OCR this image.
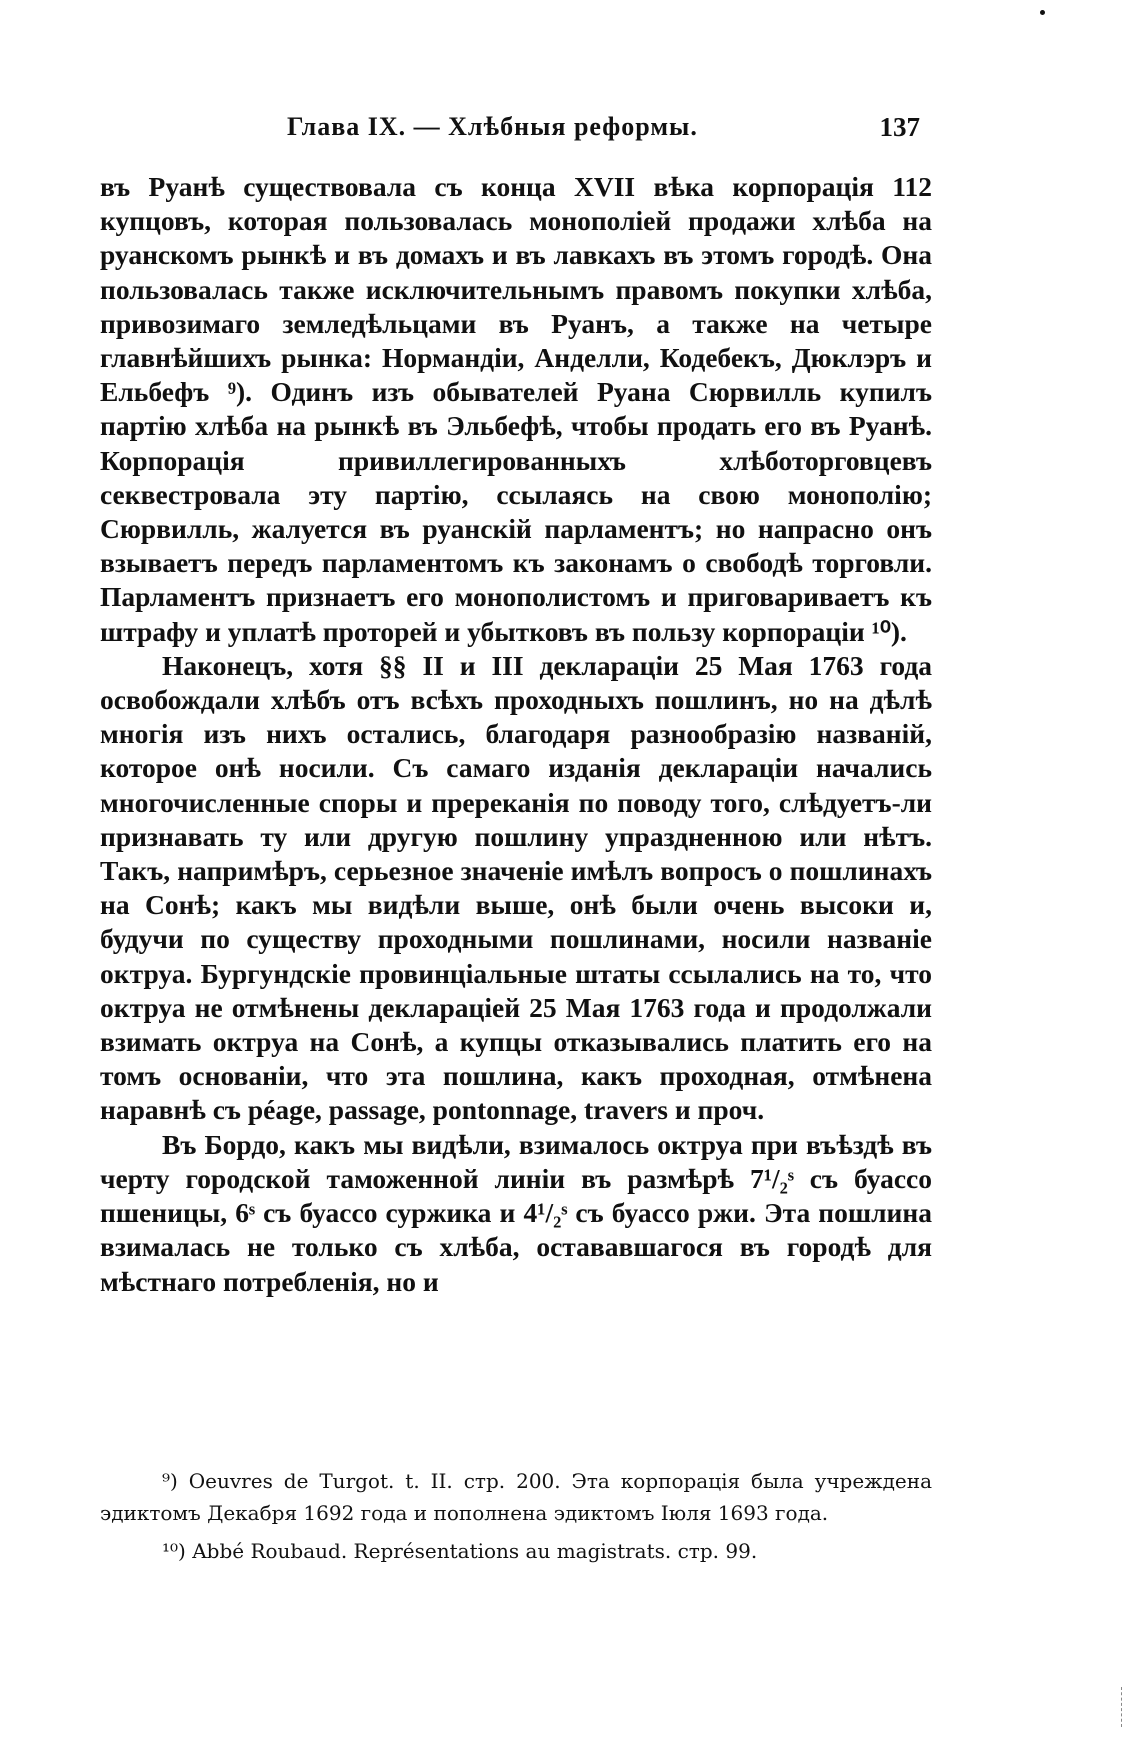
Глава IX. — Хлѣбныя реформы.	137

въ Руанѣ существовала съ конца XVII вѣка корпорація 112 купцовъ, которая пользовалась монополіей продажи хлѣба на руанскомъ рынкѣ и въ домахъ и въ лавкахъ въ этомъ городѣ. Она пользовалась также исключительнымъ правомъ покупки хлѣба, привозимаго земледѣльцами въ Руанъ, а также на четыре главнѣйшихъ рынка: Нормандіи, Анделли, Кодебекъ, Дюклэръ и Ельбефъ ⁹). Одинъ изъ обывателей Руана Сюрвилль купилъ партію хлѣба на рынкѣ въ Эльбефѣ, чтобы продать его въ Руанѣ. Корпорація привиллегированныхъ хлѣботорговцевъ секвестровала эту партію, ссылаясь на свою монополію; Сюрвилль, жалуется въ руанскій парламентъ; но напрасно онъ взываетъ передъ парламентомъ къ законамъ о свободѣ торговли. Парламентъ признаетъ его монополистомъ и приговариваетъ къ штрафу и уплатѣ проторей и убытковъ въ пользу корпораціи ¹⁰).

Наконецъ, хотя §§ II и III деклараціи 25 Мая 1763 года освобождали хлѣбъ отъ всѣхъ проходныхъ пошлинъ, но на дѣлѣ многія изъ нихъ остались, благодаря разнообразію названій, которое онѣ носили. Съ самаго изданія деклараціи начались многочисленные споры и пререканія по поводу того, слѣдуетъ-ли признавать ту или другую пошлину упраздненною или нѣтъ. Такъ, напримѣръ, серьезное значеніе имѣлъ вопросъ о пошлинахъ на Сонѣ; какъ мы видѣли выше, онѣ были очень высоки и, будучи по существу проходными пошлинами, носили названіе октруа. Бургундскіе провинціальные штаты ссылались на то, что октруа не отмѣнены деклараціей 25 Мая 1763 года и продолжали взимать октруа на Сонѣ, а купцы отказывались платить его на томъ основаніи, что эта пошлина, какъ проходная, отмѣнена наравнѣ съ péage, passage, pontonnage, travers и проч.

Въ Бордо, какъ мы видѣли, взималось октруа при въѣздѣ въ черту городской таможенной линіи въ размѣрѣ 7¹/₂ˢ съ буассо пшеницы, 6ˢ съ буассо суржика и 4¹/₂ˢ съ буассо ржи. Эта пошлина взималась не только съ хлѣба, остававшагося въ городѣ для мѣстнаго потребленія, но и

⁹) Oeuvres de Turgot. t. II. стр. 200. Эта корпорація была учреждена эдиктомъ Декабря 1692 года и пополнена эдиктомъ Іюля 1693 года.

¹⁰) Abbé Roubaud. Représentations au magistrats. стр. 99.
